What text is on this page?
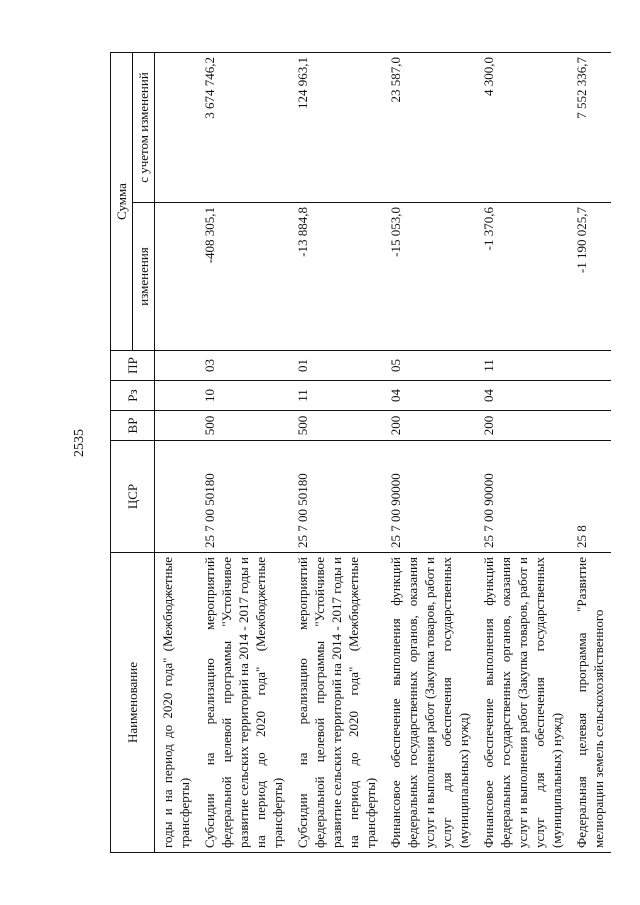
2535
Наименование	ЦСР	ВР	Рз	ПР	Сумма	
					изменения	с учетом изменений
годы и на период до 2020 года" (Межбюджетные трансферты)						
Субсидии на реализацию мероприятий федеральной целевой программы "Устойчивое развитие сельских территорий на 2014 - 2017 годы и на период до 2020 года" (Межбюджетные трансферты)	25 7 00 50180	500	10	03	-408 305,1	3 674 746,2
Субсидии на реализацию мероприятий федеральной целевой программы "Устойчивое развитие сельских территорий на 2014 - 2017 годы и на период до 2020 года" (Межбюджетные трансферты)	25 7 00 50180	500	11	01	-13 884,8	124 963,1
Финансовое обеспечение выполнения функций федеральных государственных органов, оказания услуг и выполнения работ (Закупка товаров, работ и услуг для обеспечения государственных (муниципальных) нужд)	25 7 00 90000	200	04	05	-15 053,0	23 587,0
Финансовое обеспечение выполнения функций федеральных государственных органов, оказания услуг и выполнения работ (Закупка товаров, работ и услуг для обеспечения государственных (муниципальных) нужд)	25 7 00 90000	200	04	11	-1 370,6	4 300,0
Федеральная целевая программа "Развитие мелиорации земель сельскохозяйственного	25 8				-1 190 025,7	7 552 336,7
